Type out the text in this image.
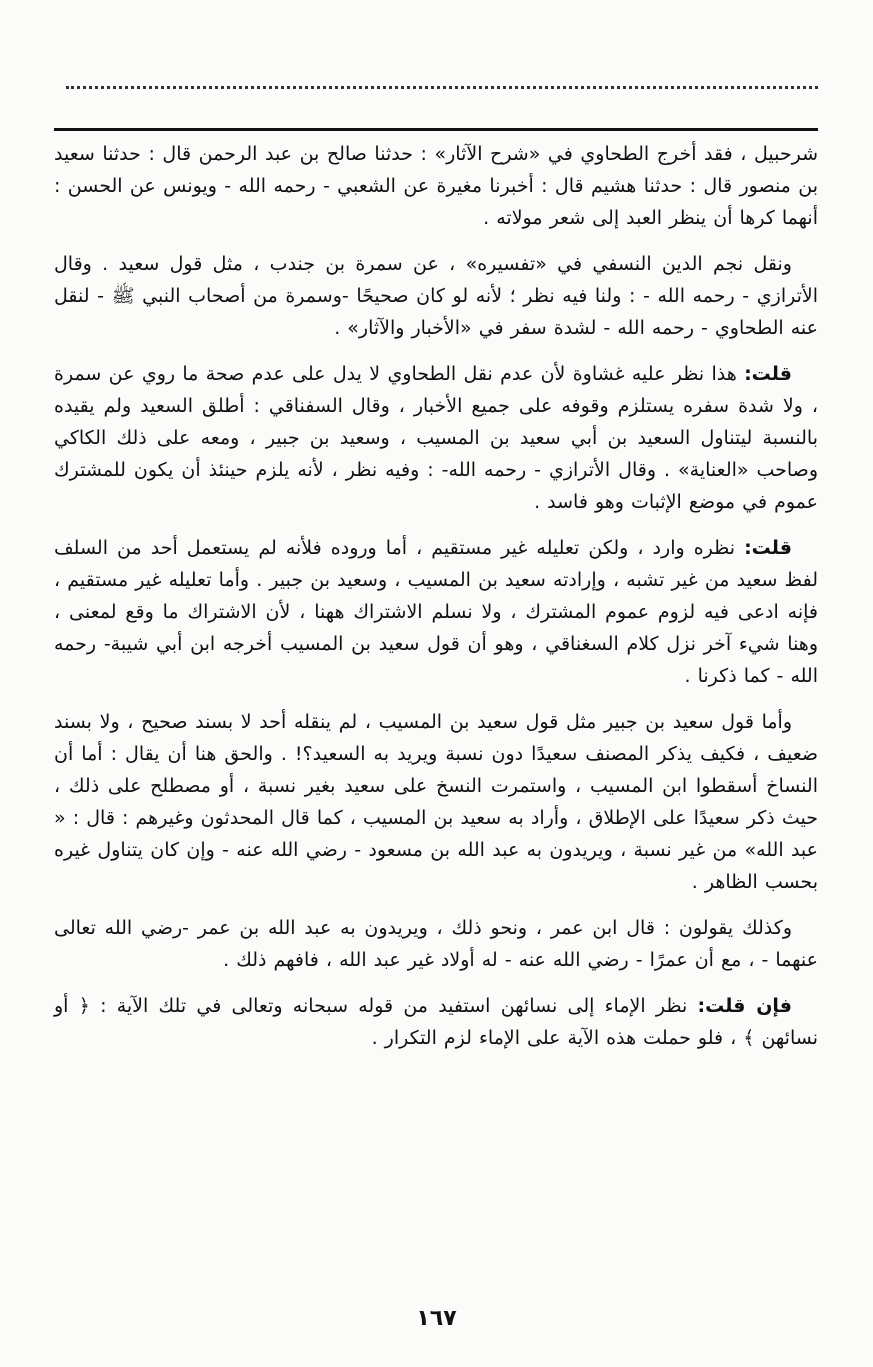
شرحبيل ، فقد أخرج الطحاوي في «شرح الآثار» : حدثنا صالح بن عبد الرحمن قال : حدثنا سعيد بن منصور قال : حدثنا هشيم قال : أخبرنا مغيرة عن الشعبي - رحمه الله - ويونس عن الحسن : أنهما كرها أن ينظر العبد إلى شعر مولاته .

ونقل نجم الدين النسفي في «تفسيره» ، عن سمرة بن جندب ، مثل قول سعيد . وقال الأترازي - رحمه الله - : ولنا فيه نظر ؛ لأنه لو كان صحيحًا -وسمرة من أصحاب النبي ﷺ - لنقل عنه الطحاوي - رحمه الله - لشدة سفر في «الأخبار والآثار» .

قلت: هذا نظر عليه غشاوة لأن عدم نقل الطحاوي لا يدل على عدم صحة ما روي عن سمرة ، ولا شدة سفره يستلزم وقوفه على جميع الأخبار ، وقال السفناقي : أطلق السعيد ولم يقيده بالنسبة ليتناول السعيد بن أبي سعيد بن المسيب ، وسعيد بن جبير ، ومعه على ذلك الكاكي وصاحب «العناية» . وقال الأترازي - رحمه الله- : وفيه نظر ، لأنه يلزم حينئذ أن يكون للمشترك عموم في موضع الإثبات وهو فاسد .

قلت: نظره وارد ، ولكن تعليله غير مستقيم ، أما وروده فلأنه لم يستعمل أحد من السلف لفظ سعيد من غير تشبه ، وإرادته سعيد بن المسيب ، وسعيد بن جبير . وأما تعليله غير مستقيم ، فإنه ادعى فيه لزوم عموم المشترك ، ولا نسلم الاشتراك ههنا ، لأن الاشتراك ما وقع لمعنى ، وهنا شيء آخر نزل كلام السغناقي ، وهو أن قول سعيد بن المسيب أخرجه ابن أبي شيبة- رحمه الله - كما ذكرنا .

وأما قول سعيد بن جبير مثل قول سعيد بن المسيب ، لم ينقله أحد لا بسند صحيح ، ولا بسند ضعيف ، فكيف يذكر المصنف سعيدًا دون نسبة ويريد به السعيد؟! . والحق هنا أن يقال : أما أن النساخ أسقطوا ابن المسيب ، واستمرت النسخ على سعيد بغير نسبة ، أو مصطلح على ذلك ، حيث ذكر سعيدًا على الإطلاق ، وأراد به سعيد بن المسيب ، كما قال المحدثون وغيرهم : قال : « عبد الله» من غير نسبة ، ويريدون به عبد الله بن مسعود - رضي الله عنه - وإن كان يتناول غيره بحسب الظاهر .

وكذلك يقولون : قال ابن عمر ، ونحو ذلك ، ويريدون به عبد الله بن عمر -رضي الله تعالى عنهما - ، مع أن عمرًا - رضي الله عنه - له أولاد غير عبد الله ، فافهم ذلك .

فإن قلت: نظر الإماء إلى نسائهن استفيد من قوله سبحانه وتعالى في تلك الآية : ﴿ أو نسائهن ﴾ ، فلو حملت هذه الآية على الإماء لزم التكرار .

١٦٧
